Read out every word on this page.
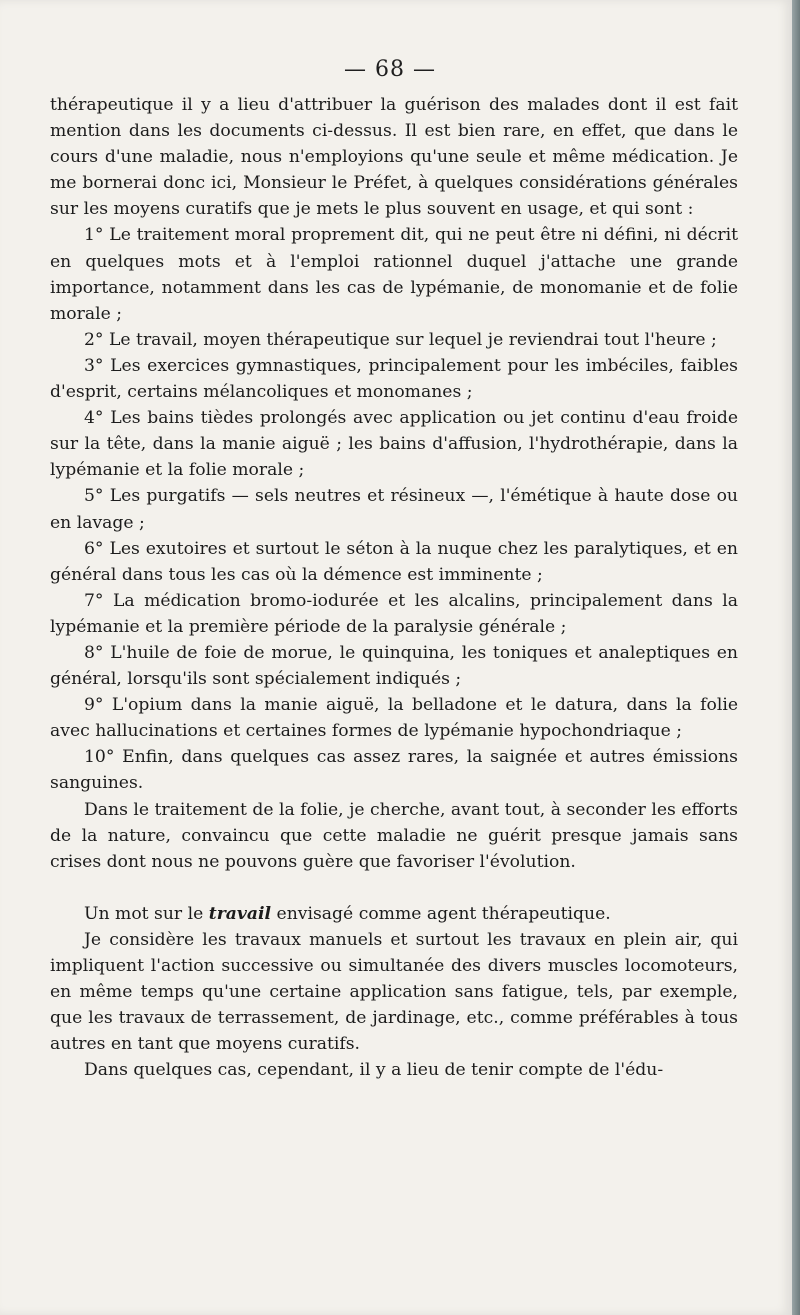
— 68 —

thérapeutique il y a lieu d'attribuer la guérison des malades dont il est fait mention dans les documents ci-dessus. Il est bien rare, en effet, que dans le cours d'une maladie, nous n'employions qu'une seule et même médication. Je me bornerai donc ici, Monsieur le Préfet, à quelques considérations générales sur les moyens curatifs que je mets le plus souvent en usage, et qui sont :

1° Le traitement moral proprement dit, qui ne peut être ni défini, ni décrit en quelques mots et à l'emploi rationnel duquel j'attache une grande importance, notamment dans les cas de lypémanie, de monomanie et de folie morale ;

2° Le travail, moyen thérapeutique sur lequel je reviendrai tout l'heure ;

3° Les exercices gymnastiques, principalement pour les imbéciles, faibles d'esprit, certains mélancoliques et monomanes ;

4° Les bains tièdes prolongés avec application ou jet continu d'eau froide sur la tête, dans la manie aiguë ; les bains d'affusion, l'hydrothérapie, dans la lypémanie et la folie morale ;

5° Les purgatifs — sels neutres et résineux —, l'émétique à haute dose ou en lavage ;

6° Les exutoires et surtout le séton à la nuque chez les paralytiques, et en général dans tous les cas où la démence est imminente ;

7° La médication bromo-iodurée et les alcalins, principalement dans la lypémanie et la première période de la paralysie générale ;

8° L'huile de foie de morue, le quinquina, les toniques et analeptiques en général, lorsqu'ils sont spécialement indiqués ;

9° L'opium dans la manie aiguë, la belladone et le datura, dans la folie avec hallucinations et certaines formes de lypémanie hypochondriaque ;

10° Enfin, dans quelques cas assez rares, la saignée et autres émissions sanguines.

Dans le traitement de la folie, je cherche, avant tout, à seconder les efforts de la nature, convaincu que cette maladie ne guérit presque jamais sans crises dont nous ne pouvons guère que favoriser l'évolution.

Un mot sur le travail envisagé comme agent thérapeutique.

Je considère les travaux manuels et surtout les travaux en plein air, qui impliquent l'action successive ou simultanée des divers muscles locomoteurs, en même temps qu'une certaine application sans fatigue, tels, par exemple, que les travaux de terrassement, de jardinage, etc., comme préférables à tous autres en tant que moyens curatifs.

Dans quelques cas, cependant, il y a lieu de tenir compte de l'édu-
